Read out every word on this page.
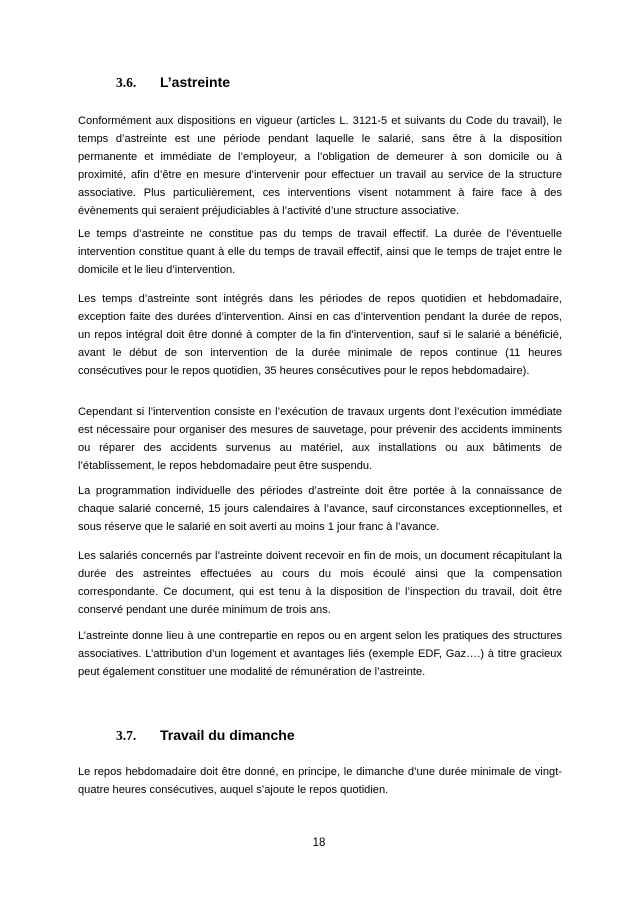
3.6.	L’astreinte

Conformément aux dispositions en vigueur (articles L. 3121-5 et suivants du Code du travail), le temps d’astreinte est une période pendant laquelle le salarié, sans être à la disposition permanente et immédiate de l’employeur, a l’obligation de demeurer à son domicile ou à proximité, afin d’être en mesure d’intervenir pour effectuer un travail au service de la structure associative. Plus particulièrement, ces interventions visent notamment à faire face à des évènements qui seraient préjudiciables à l’activité d’une structure associative.

Le temps d’astreinte ne constitue pas du temps de travail effectif. La durée de l’éventuelle intervention constitue quant à elle du temps de travail effectif, ainsi que le temps de trajet entre le domicile et le lieu d’intervention.

Les temps d’astreinte sont intégrés dans les périodes de repos quotidien et hebdomadaire, exception faite des durées d’intervention. Ainsi en cas d’intervention pendant la durée de repos, un repos intégral doit être donné à compter de la fin d’intervention, sauf si le salarié a bénéficié, avant le début de son intervention de la durée minimale de repos continue (11 heures consécutives pour le repos quotidien, 35 heures consécutives pour le repos hebdomadaire).

Cependant si l’intervention consiste en l’exécution de travaux urgents dont l’exécution immédiate est nécessaire pour organiser des mesures de sauvetage, pour prévenir des accidents imminents ou réparer des accidents survenus au matériel, aux installations ou aux bâtiments de l’établissement, le repos hebdomadaire peut être suspendu.

La programmation individuelle des périodes d’astreinte doit être portée à la connaissance de chaque salarié concerné, 15 jours calendaires à l’avance, sauf circonstances exceptionnelles, et sous réserve que le salarié en soit averti au moins 1 jour franc à l’avance.

Les salariés concernés par l’astreinte doivent recevoir en fin de mois, un document récapitulant la durée des astreintes effectuées au cours du mois écoulé ainsi que la compensation correspondante. Ce document, qui est tenu à la disposition de l’inspection du travail, doit être conservé pendant une durée minimum de trois ans.

L’astreinte donne lieu à une contrepartie en repos ou en argent selon les pratiques des structures associatives. L’attribution d’un logement et avantages liés (exemple EDF, Gaz….) à titre gracieux peut également constituer une modalité de rémunération de l’astreinte.

3.7.	Travail du dimanche

Le repos hebdomadaire doit être donné, en principe, le dimanche d’une durée minimale de vingt-quatre heures consécutives, auquel s’ajoute le repos quotidien.

18
